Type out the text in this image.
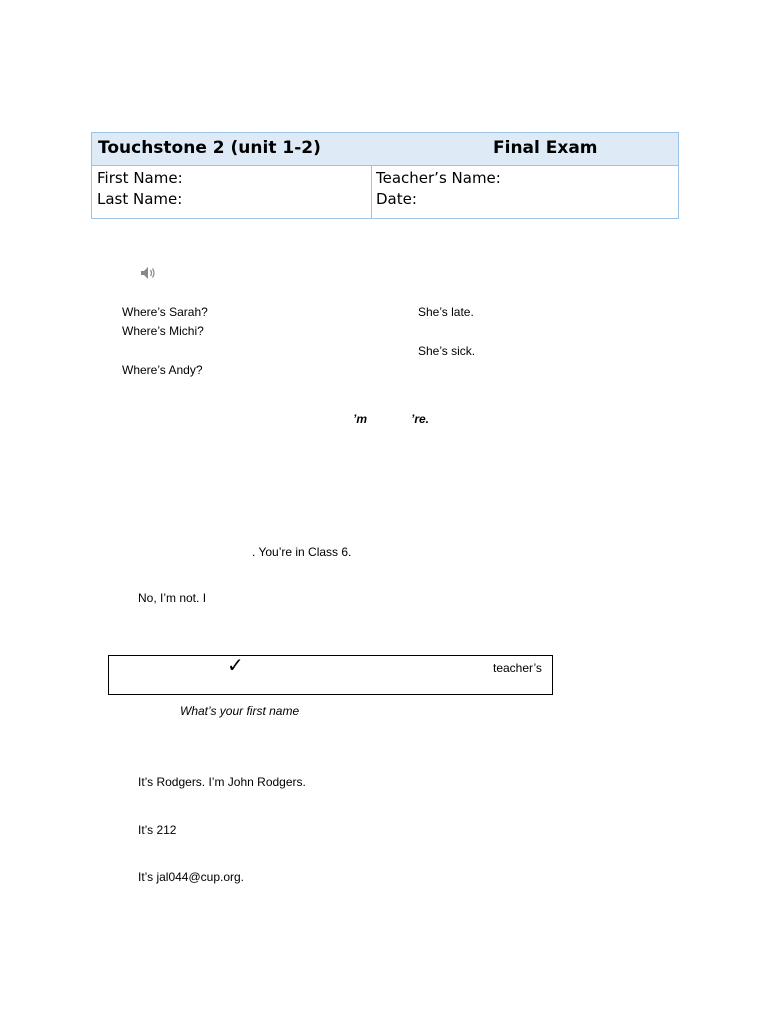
Touchstone 2 (unit 1-2)	Final Exam
First Name:
Last Name:
Teacher’s Name:
Date:
Where’s Sarah?	She’s late.
Where’s Michi?
She’s sick.
Where’s Andy?
’m	’re.
. You’re in Class 6.
No, I’m not. I
✓	teacher’s
What’s your first name
It’s Rodgers. I’m John Rodgers.
It’s 212
It’s jal044@cup.org.
